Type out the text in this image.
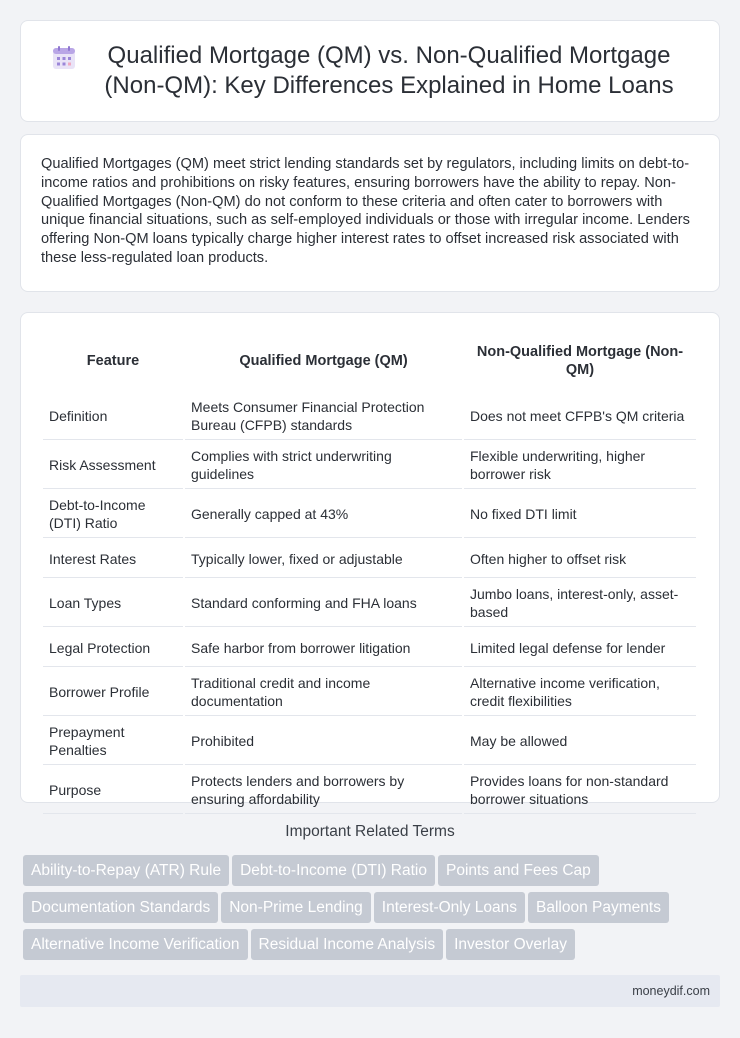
Qualified Mortgage (QM) vs. Non-Qualified Mortgage (Non-QM): Key Differences Explained in Home Loans

Qualified Mortgages (QM) meet strict lending standards set by regulators, including limits on debt-to-income ratios and prohibitions on risky features, ensuring borrowers have the ability to repay. Non-Qualified Mortgages (Non-QM) do not conform to these criteria and often cater to borrowers with unique financial situations, such as self-employed individuals or those with irregular income. Lenders offering Non-QM loans typically charge higher interest rates to offset increased risk associated with these less-regulated loan products.

Feature	Qualified Mortgage (QM)	Non-Qualified Mortgage (Non-QM)
Definition	Meets Consumer Financial Protection Bureau (CFPB) standards	Does not meet CFPB's QM criteria
Risk Assessment	Complies with strict underwriting guidelines	Flexible underwriting, higher borrower risk
Debt-to-Income (DTI) Ratio	Generally capped at 43%	No fixed DTI limit
Interest Rates	Typically lower, fixed or adjustable	Often higher to offset risk
Loan Types	Standard conforming and FHA loans	Jumbo loans, interest-only, asset-based
Legal Protection	Safe harbor from borrower litigation	Limited legal defense for lender
Borrower Profile	Traditional credit and income documentation	Alternative income verification, credit flexibilities
Prepayment Penalties	Prohibited	May be allowed
Purpose	Protects lenders and borrowers by ensuring affordability	Provides loans for non-standard borrower situations
Important Related Terms
Ability-to-Repay (ATR) Rule Debt-to-Income (DTI) Ratio Points and Fees Cap
Documentation Standards Non-Prime Lending Interest-Only Loans Balloon Payments
Alternative Income Verification Residual Income Analysis Investor Overlay
moneydif.com
